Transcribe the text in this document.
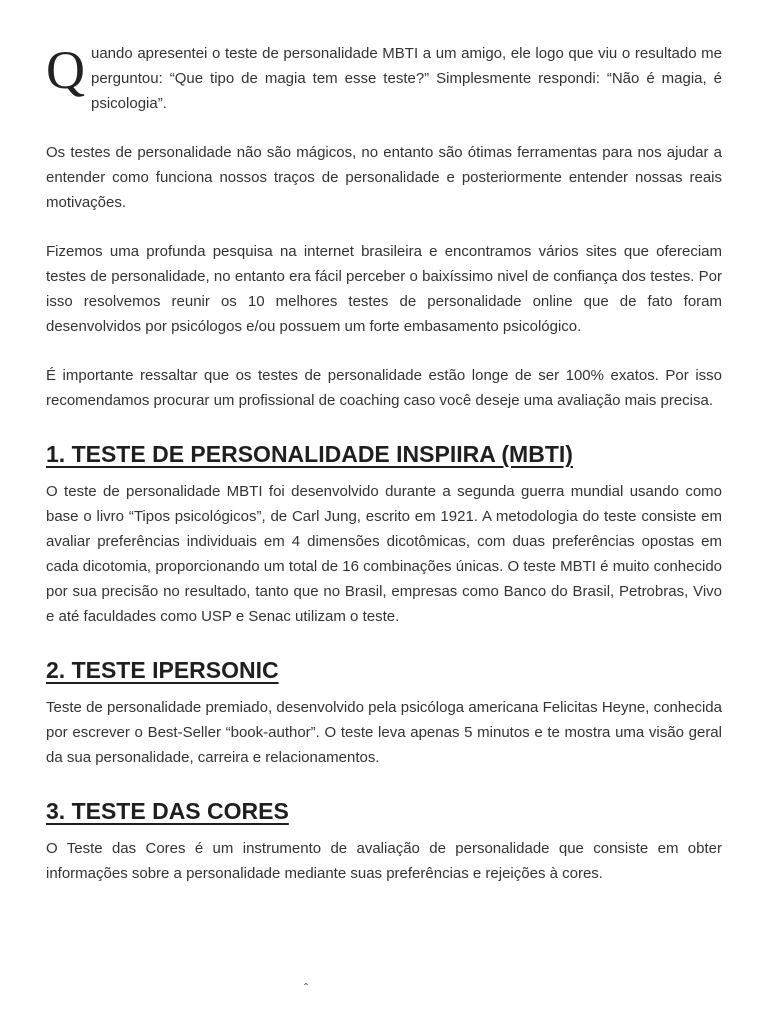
Quando apresentei o teste de personalidade MBTI a um amigo, ele logo que viu o resultado me perguntou: “Que tipo de magia tem esse teste?” Simplesmente respondi: “Não é magia, é psicologia”.

Os testes de personalidade não são mágicos, no entanto são ótimas ferramentas para nos ajudar a entender como funciona nossos traços de personalidade e posteriormente entender nossas reais motivações.

Fizemos uma profunda pesquisa na internet brasileira e encontramos vários sites que ofereciam testes de personalidade, no entanto era fácil perceber o baixíssimo nivel de confiança dos testes. Por isso resolvemos reunir os 10 melhores testes de personalidade online que de fato foram desenvolvidos por psicólogos e/ou possuem um forte embasamento psicológico.

É importante ressaltar que os testes de personalidade estão longe de ser 100% exatos. Por isso recomendamos procurar um profissional de coaching caso você deseje uma avaliação mais precisa.

1. TESTE DE PERSONALIDADE INSPIIRA (MBTI)

O teste de personalidade MBTI foi desenvolvido durante a segunda guerra mundial usando como base o livro “Tipos psicológicos”, de Carl Jung, escrito em 1921. A metodologia do teste consiste em avaliar preferências individuais em 4 dimensões dicotômicas, com duas preferências opostas em cada dicotomia, proporcionando um total de 16 combinações únicas. O teste MBTI é muito conhecido por sua precisão no resultado, tanto que no Brasil, empresas como Banco do Brasil, Petrobras, Vivo e até faculdades como USP e Senac utilizam o teste.

2. TESTE IPERSONIC

Teste de personalidade premiado, desenvolvido pela psicóloga americana Felicitas Heyne, conhecida por escrever o Best-Seller “book-author”. O teste leva apenas 5 minutos e te mostra uma visão geral da sua personalidade, carreira e relacionamentos.

3. TESTE DAS CORES

O Teste das Cores é um instrumento de avaliação de personalidade que consiste em obter informações sobre a personalidade mediante suas preferências e rejeições à cores.

ˆ
